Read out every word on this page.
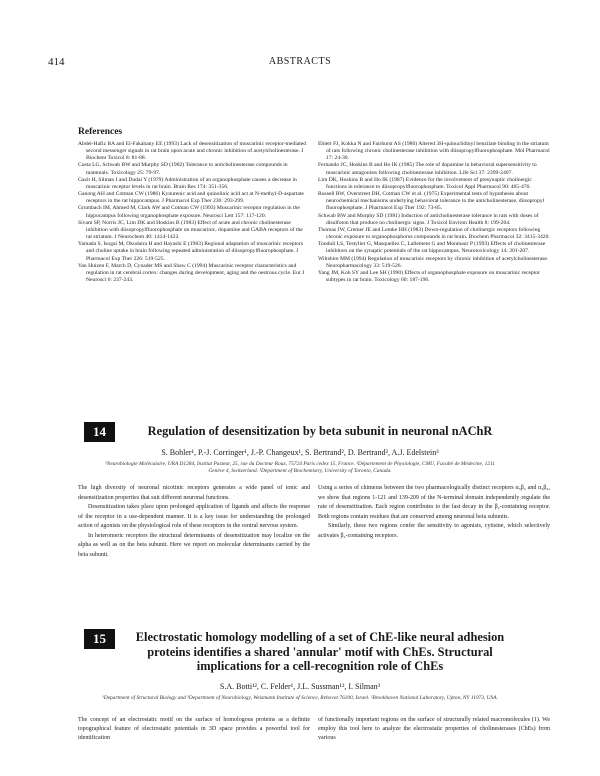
414	ABSTRACTS
References

Abdel-Hafiz BA and El-Fakahany EE (1993) Lack of desensitization of muscarinic receptor-mediated second messenger signals in rat brain upon acute and chronic inhibition of acetylcholinesterase. J Biochem Toxicol 8: 81-88.

Costa LG, Schwab BW and Murphy SD (1982) Tolerance to anticholinesterase compounds in mammals. Toxicology 25: 79-97.

Gazit H, Silman I and Dudai Y (1979) Administration of an organophosphate causes a decrease in muscarinic receptor levels in rat brain. Brain Res 174: 351-356.

Ganong AH and Cotman CW (1986) Kynurenic acid and quinolinic acid act at N-methyl-D-aspartate receptors in the rat hippocampus. J Pharmacol Exp Ther 236: 293-299.

Grumbach IM, Ahmed M, Clark AW and Cotman CW (1993) Muscarinic receptor regulation in the hippocampus following organophosphate exposure. Neurosci Lett 157: 117-120.

Sivam SP, Norris JC, Lim DK and Hoskins B (1983) Effect of acute and chronic cholinesterase inhibition with diisopropylfluorophosphate on muscarinic, dopamine and GABA receptors of the rat striatum. J Neurochem 40: 1414-1422.

Yamada S, Isogai M, Okudaira H and Hayashi E (1983) Regional adaptation of muscarinic receptors and choline uptake in brain following repeated administration of diisopropylfluorophosphate. J Pharmacol Exp Ther 226: 519-525.

Van Huizen F, March D, Cynader MS and Shaw C (1994) Muscarinic receptor characteristics and regulation in rat cerebral cortex: changes during development, aging and the oestrous cycle. Eur J Neurosci 6: 237-243.

Ehlert FJ, Kokka N and Fairhurst AS (1980) Altered 3H-quinuclidinyl benzilate binding in the striatum of rats following chronic cholinesterase inhibition with diisopropylfluorophosphate. Mol Pharmacol 17: 24-30.

Fernando JC, Hoskins B and Ho IK (1985) The role of dopamine in behavioral supersensitivity to muscarinic antagonists following cholinesterase inhibition. Life Sci 37: 2399-2407.

Lim DK, Hoskins B and Ho IK (1987) Evidence for the involvement of presynaptic cholinergic functions in tolerance to diisopropylfluorophosphate. Toxicol Appl Pharmacol 90: 465-476.

Russell RW, Overstreet DH, Cotman CW et al. (1975) Experimental tests of hypotheses about neurochemical mechanisms underlying behavioral tolerance to the anticholinesterase, diisopropyl fluorophosphate. J Pharmacol Exp Ther 192: 73-85.

Schwab BW and Murphy SD (1981) Induction of anticholinesterase tolerance in rats with doses of disulfoton that produce no cholinergic signs. J Toxicol Environ Health 8: 199-204.

Thomas JW, Cremer JE and Lemke HH (1983) Down-regulation of cholinergic receptors following chronic exposure to organophosphorus compounds in rat brain. Biochem Pharmacol 32: 3415-3420.

Tonduli LS, Testylier G, Masqueliez C, Lallement G and Monmaur P (1993) Effects of cholinesterase inhibitors on the synaptic potentials of the rat hippocampus. Neurotoxicology 14: 201-207.

Wiltshire MM (1994) Regulation of muscarinic receptors by chronic inhibition of acetylcholinesterase. Neuropharmacology 33: 519-526.

Yang JM, Koh SY and Lee SH (1990) Effects of organophosphate exposure on muscarinic receptor subtypes in rat brain. Toxicology 60: 187-196.

14	Regulation of desensitization by beta subunit in neuronal nAChR
S. Bohler¹, P.-J. Corringer¹, J.-P. Changeux¹, S. Bertrand², D. Bertrand², A.J. Edelstein³
¹Neurobiologie Moléculaire, URA D1284, Institut Pasteur, 25, rue du Docteur Roux, 75724 Paris cedex 15, France. ²Département de Physiologie, CMU, Faculté de Médecine, 1211 Genève 4, Switzerland. ³Department of Biochemistry, University of Toronto, Canada.

The high diversity of neuronal nicotinic receptors generates a wide panel of ionic and desensitization properties that suit different neuronal functions.

Desensitization takes place upon prolonged application of ligands and affects the response of the receptor in a use-dependent manner. It is a key issue for understanding the prolonged action of agonists on the physiological role of these receptors in the central nervous system.

In heteromeric receptors the structural determinants of desensitization may localize on the alpha as well as on the beta subunit. Here we report on molecular determinants carried by the beta subunit.

Using a series of chimeras between the two pharmacologically distinct receptors α₃β₂ and α₃β₄, we show that regions 1-121 and 139-209 of the N-terminal domain independently regulate the rate of desensitization. Each region contributes to the fast decay in the β₂-containing receptor. Both regions contain residues that are conserved among neuronal beta subunits.

Similarly, these two regions confer the sensitivity to agonists, cytisine, which selectively activates β₄-containing receptors.

15	Electrostatic homology modelling of a set of ChE-like neural adhesion proteins identifies a shared 'annular' motif with ChEs. Structural implications for a cell-recognition role of ChEs
S.A. Botti¹², C. Felder¹, J.L. Sussman¹², I. Silman³
¹Department of Structural Biology and ³Department of Neurobiology, Weizmann Institute of Science, Rehovot 76100, Israel. ²Brookhaven National Laboratory, Upton, NY 11973, USA.

The concept of an electrostatic motif on the surface of homologous proteins as a definite topographical feature of electrostatic potentials in 3D space provides a powerful tool for identification

of functionally important regions on the surface of structurally related macromolecules (1). We employ this tool here to analyze the electrostatic properties of cholinesterases (ChEs) from various
